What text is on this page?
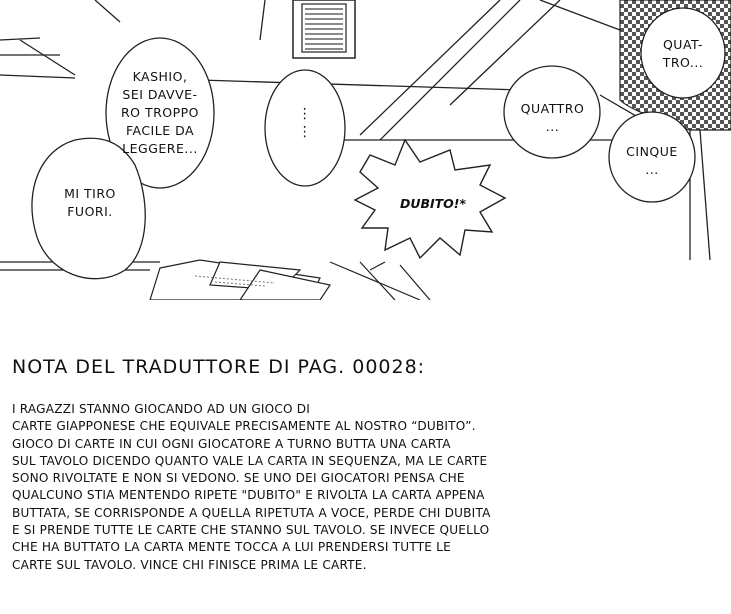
KASHIO,
SEI DAVVE-
RO TROPPO
FACILE DA
LEGGERE...
MI TIRO
FUORI.
⋮
⋮
QUATTRO
...
QUAT-
TRO...
CINQUE
...
DUBITO!*
NOTA DEL TRADUTTORE DI PAG. 00028:
I RAGAZZI STANNO GIOCANDO AD UN GIOCO DI
CARTE GIAPPONESE CHE EQUIVALE PRECISAMENTE AL NOSTRO “DUBITO”.
GIOCO DI CARTE IN CUI OGNI GIOCATORE A TURNO BUTTA UNA CARTA
SUL TAVOLO DICENDO QUANTO VALE LA CARTA IN SEQUENZA, MA LE CARTE
SONO RIVOLTATE E NON SI VEDONO. SE UNO DEI GIOCATORI PENSA CHE
QUALCUNO STIA MENTENDO RIPETE "DUBITO" E RIVOLTA LA CARTA APPENA
BUTTATA, SE CORRISPONDE A QUELLA RIPETUTA A VOCE, PERDE CHI DUBITA
E SI PRENDE TUTTE LE CARTE CHE STANNO SUL TAVOLO. SE INVECE QUELLO
CHE HA BUTTATO LA CARTA MENTE TOCCA A LUI PRENDERSI TUTTE LE
CARTE SUL TAVOLO. VINCE CHI FINISCE PRIMA LE CARTE.
